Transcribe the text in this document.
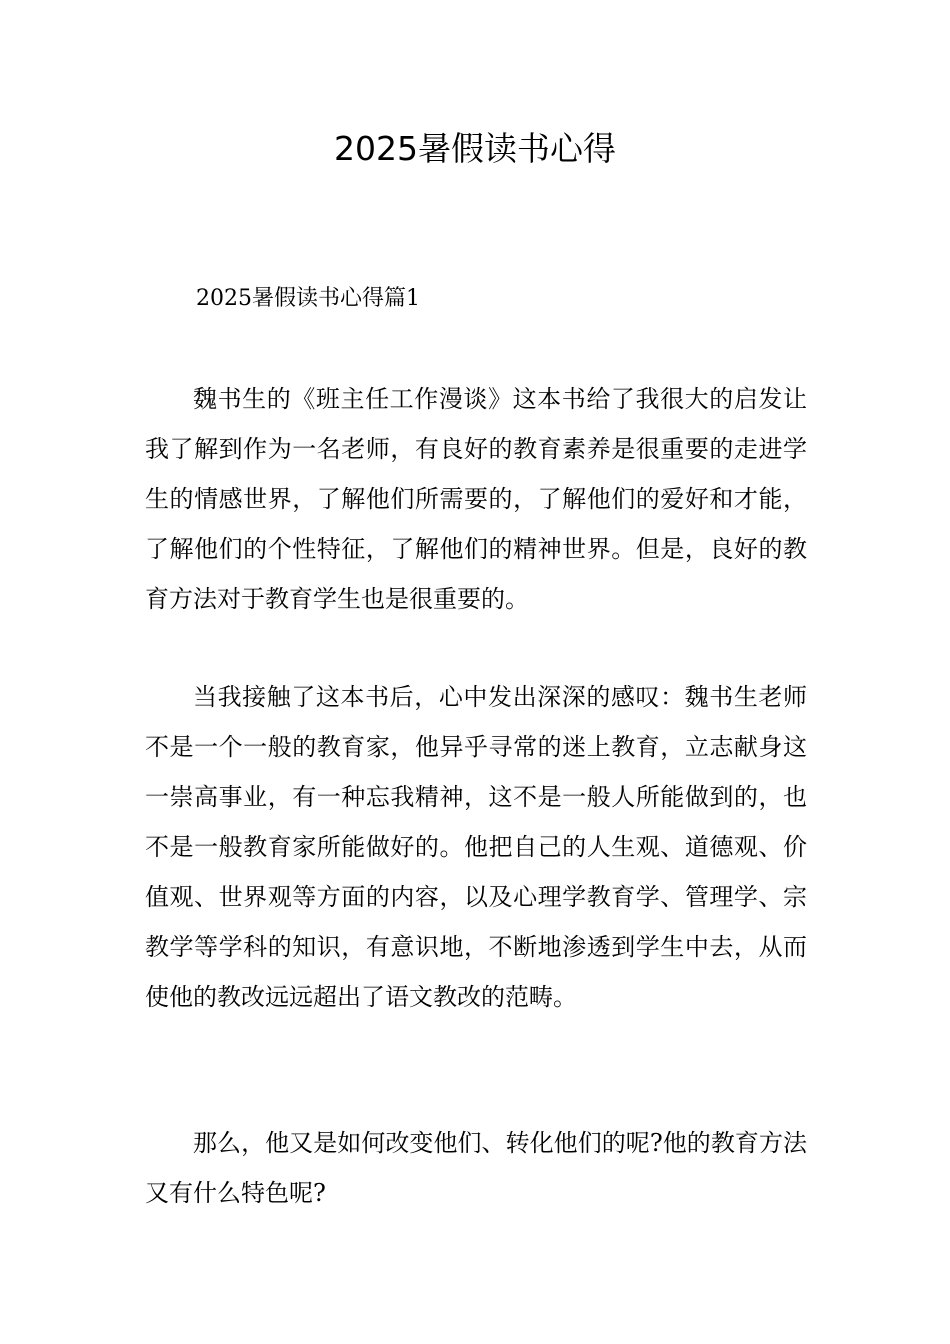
2025暑假读书心得
2025暑假读书心得篇1

魏书生的《班主任工作漫谈》这本书给了我很大的启发让我了解到作为一名老师，有良好的教育素养是很重要的走进学生的情感世界，了解他们所需要的，了解他们的爱好和才能，了解他们的个性特征，了解他们的精神世界。但是，良好的教育方法对于教育学生也是很重要的。

当我接触了这本书后，心中发出深深的感叹：魏书生老师不是一个一般的教育家，他异乎寻常的迷上教育，立志献身这一崇高事业，有一种忘我精神，这不是一般人所能做到的，也不是一般教育家所能做好的。他把自己的人生观、道德观、价值观、世界观等方面的内容，以及心理学教育学、管理学、宗教学等学科的知识，有意识地，不断地渗透到学生中去，从而使他的教改远远超出了语文教改的范畴。

那么，他又是如何改变他们、转化他们的呢?他的教育方法又有什么特色呢?
